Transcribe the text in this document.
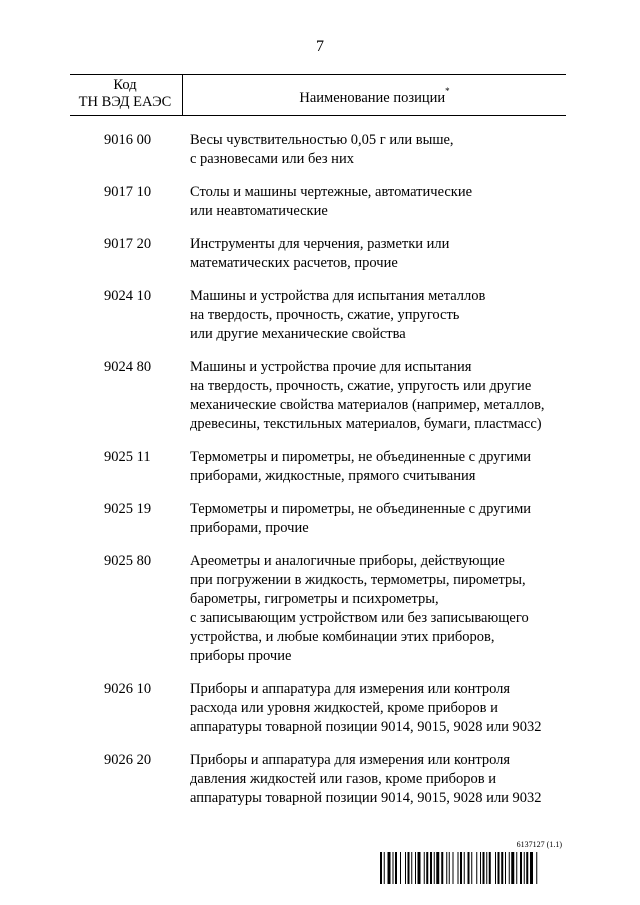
7
Код
ТН ВЭД ЕАЭС	Наименование позиции*
9016 00	Весы чувствительностью 0,05 г или выше,
с разновесами или без них
9017 10	Столы и машины чертежные, автоматические
или неавтоматические
9017 20	Инструменты для черчения, разметки или
математических расчетов, прочие
9024 10	Машины и устройства для испытания металлов
на твердость, прочность, сжатие, упругость
или другие механические свойства
9024 80	Машины и устройства прочие для испытания
на твердость, прочность, сжатие, упругость или другие
механические свойства материалов (например, металлов,
древесины, текстильных материалов, бумаги, пластмасс)
9025 11	Термометры и пирометры, не объединенные с другими
приборами, жидкостные, прямого считывания
9025 19	Термометры и пирометры, не объединенные с другими
приборами, прочие
9025 80	Ареометры и аналогичные приборы, действующие
при погружении в жидкость, термометры, пирометры,
барометры, гигрометры и психрометры,
с записывающим устройством или без записывающего
устройства, и любые комбинации этих приборов,
приборы прочие
9026 10	Приборы и аппаратура для измерения или контроля
расхода или уровня жидкостей, кроме приборов и
аппаратуры товарной позиции 9014, 9015, 9028 или 9032
9026 20	Приборы и аппаратура для измерения или контроля
давления жидкостей или газов, кроме приборов и
аппаратуры товарной позиции 9014, 9015, 9028 или 9032
6137127 (1.1)
